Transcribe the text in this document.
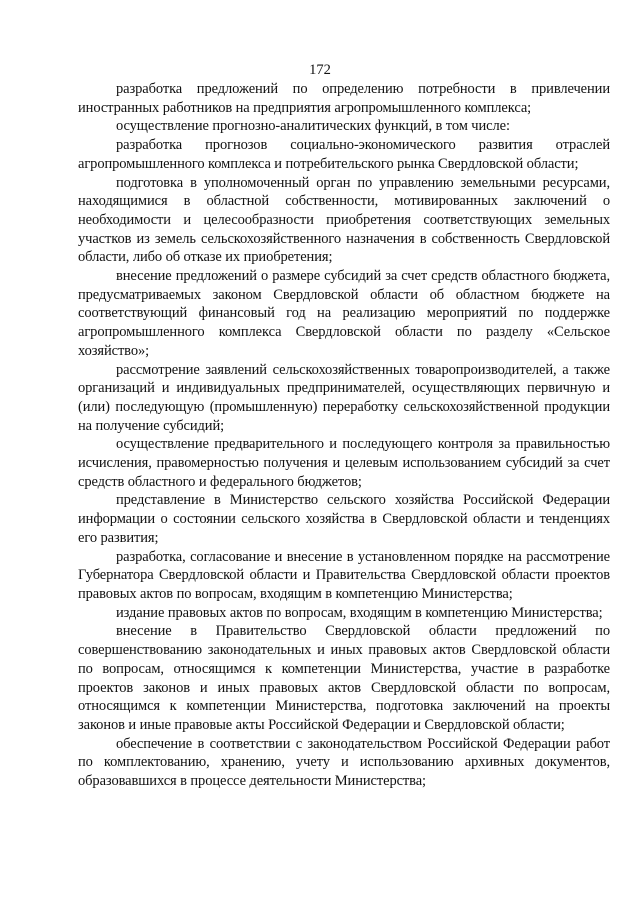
172

разработка предложений по определению потребности в привлечении иностранных работников на предприятия агропромышленного комплекса;

осуществление прогнозно-аналитических функций, в том числе:

разработка прогнозов социально-экономического развития отраслей агропромышленного комплекса и потребительского рынка Свердловской области;

подготовка в уполномоченный орган по управлению земельными ресурсами, находящимися в областной собственности, мотивированных заключений о необходимости и целесообразности приобретения соответствующих земельных участков из земель сельскохозяйственного назначения в собственность Свердловской области, либо об отказе их приобретения;

внесение предложений о размере субсидий за счет средств областного бюджета, предусматриваемых законом Свердловской области об областном бюджете на соответствующий финансовый год на реализацию мероприятий по поддержке агропромышленного комплекса Свердловской области по разделу «Сельское хозяйство»;

рассмотрение заявлений сельскохозяйственных товаропроизводителей, а также организаций и индивидуальных предпринимателей, осуществляющих первичную и (или) последующую (промышленную) переработку сельскохозяйственной продукции на получение субсидий;

осуществление предварительного и последующего контроля за правильностью исчисления, правомерностью получения и целевым использованием субсидий за счет средств областного и федерального бюджетов;

представление в Министерство сельского хозяйства Российской Федерации информации о состоянии сельского хозяйства в Свердловской области и тенденциях его развития;

разработка, согласование и внесение в установленном порядке на рассмотрение Губернатора Свердловской области и Правительства Свердловской области проектов правовых актов по вопросам, входящим в компетенцию Министерства;

издание правовых актов по вопросам, входящим в компетенцию Министерства;

внесение в Правительство Свердловской области предложений по совершенствованию законодательных и иных правовых актов Свердловской области по вопросам, относящимся к компетенции Министерства, участие в разработке проектов законов и иных правовых актов Свердловской области по вопросам, относящимся к компетенции Министерства, подготовка заключений на проекты законов и иные правовые акты Российской Федерации и Свердловской области;

обеспечение в соответствии с законодательством Российской Федерации работ по комплектованию, хранению, учету и использованию архивных документов, образовавшихся в процессе деятельности Министерства;
